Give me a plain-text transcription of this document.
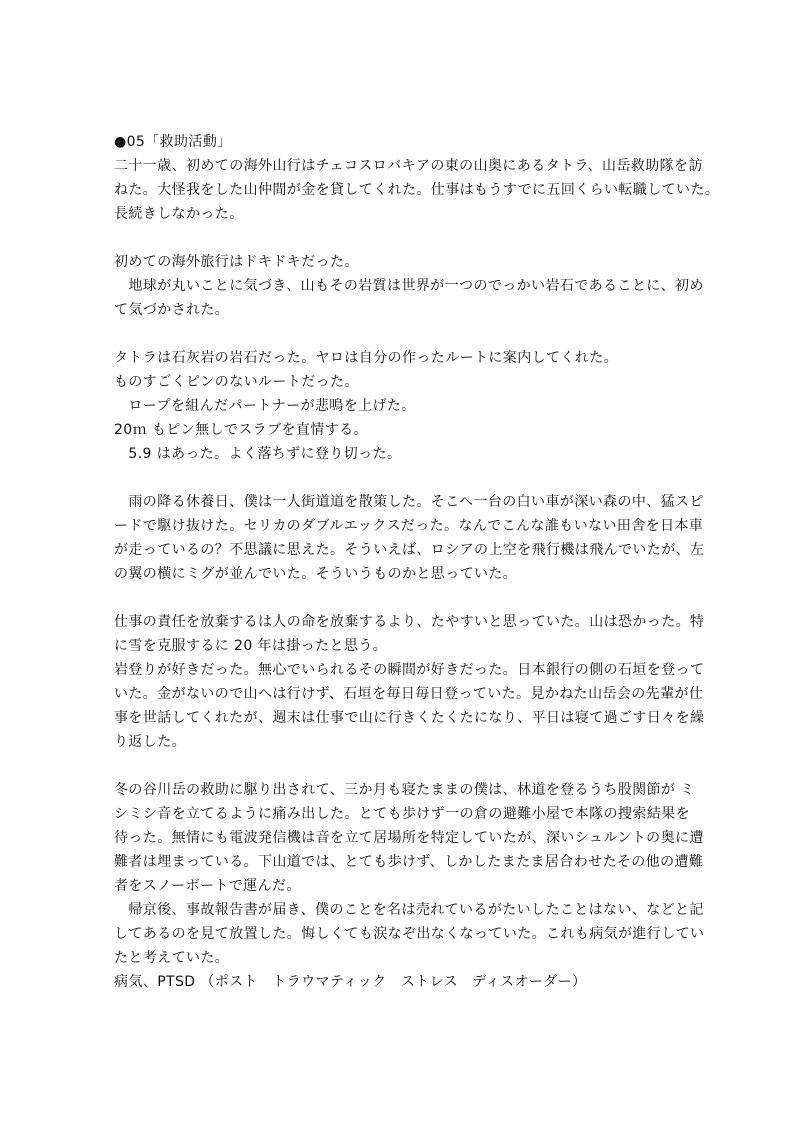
●05「救助活動」
二十一歳、初めての海外山行はチェコスロバキアの東の山奥にあるタトラ、山岳救助隊を訪
ねた。大怪我をした山仲間が金を貸してくれた。仕事はもうすでに五回くらい転職していた。
長続きしなかった。
初めての海外旅行はドキドキだった。
　地球が丸いことに気づき、山もその岩質は世界が一つのでっかい岩石であることに、初め
て気づかされた。
タトラは石灰岩の岩石だった。ヤロは自分の作ったルートに案内してくれた。
ものすごくピンのないルートだった。
　ロープを組んだパートナーが悲鳴を上げた。
20ｍ もピン無しでスラブを直情する。
　5.9 はあった。よく落ちずに登り切った。
　雨の降る休養日、僕は一人街道道を散策した。そこへ一台の白い車が深い森の中、猛スピ
ードで駆け抜けた。セリカのダブルエックスだった。なんでこんな誰もいない田舎を日本車
が走っているの？不思議に思えた。そういえば、ロシアの上空を飛行機は飛んでいたが、左
の翼の横にミグが並んでいた。そういうものかと思っていた。
仕事の責任を放棄するは人の命を放棄するより、たやすいと思っていた。山は恐かった。特
に雪を克服するに 20 年は掛ったと思う。
岩登りが好きだった。無心でいられるその瞬間が好きだった。日本銀行の側の石垣を登って
いた。金がないので山へは行けず、石垣を毎日毎日登っていた。見かねた山岳会の先輩が仕
事を世話してくれたが、週末は仕事で山に行きくたくたになり、平日は寝て過ごす日々を繰
り返した。
冬の谷川岳の救助に駆り出されて、三か月も寝たままの僕は、林道を登るうち股関節が ミ
シミシ音を立てるように痛み出した。とても歩けず一の倉の避難小屋で本隊の捜索結果を
待った。無情にも電波発信機は音を立て居場所を特定していたが、深いシュルントの奥に遭
難者は埋まっている。下山道では、とても歩けず、しかしたまたま居合わせたその他の遭難
者をスノーボートで運んだ。
　帰京後、事故報告書が届き、僕のことを名は売れているがたいしたことはない、などと記
してあるのを見て放置した。悔しくても涙なぞ出なくなっていた。これも病気が進行してい
たと考えていた。
病気、PTSD （ポスト　トラウマティック　ストレス　ディスオーダー）
